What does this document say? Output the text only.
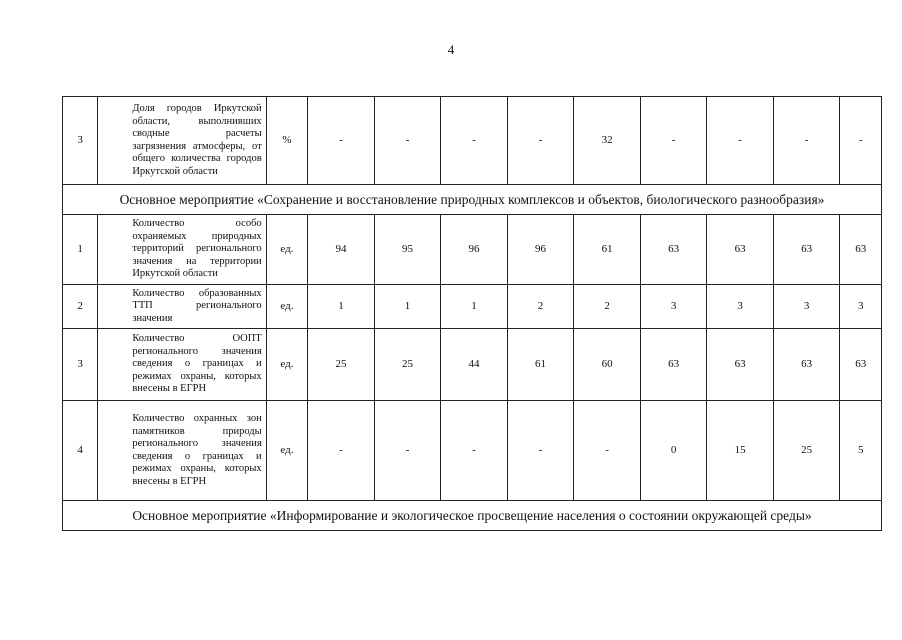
4
3	Доля городов Иркутской области, выполнивших сводные расчеты загрязнения атмосферы, от общего количества городов Иркутской области	%	-	-	-	-	32	-	-	-	-
Основное мероприятие «Сохранение и восстановление природных комплексов и объектов, биологического разнообразия»											
1	Количество особо охраняемых природных территорий регионального значения на территории Иркутской области	ед.	94	95	96	96	61	63	63	63	63
2	Количество образованных ТТП регионального значения	ед.	1	1	1	2	2	3	3	3	3
3	Количество ООПТ регионального значения сведения о границах и режимах охраны, которых внесены в ЕГРН	ед.	25	25	44	61	60	63	63	63	63
4	Количество охранных зон памятников природы регионального значения сведения о границах и режимах охраны, которых внесены в ЕГРН	ед.	-	-	-	-	-	0	15	25	5
Основное мероприятие «Информирование и экологическое просвещение населения о состоянии окружающей среды»											
